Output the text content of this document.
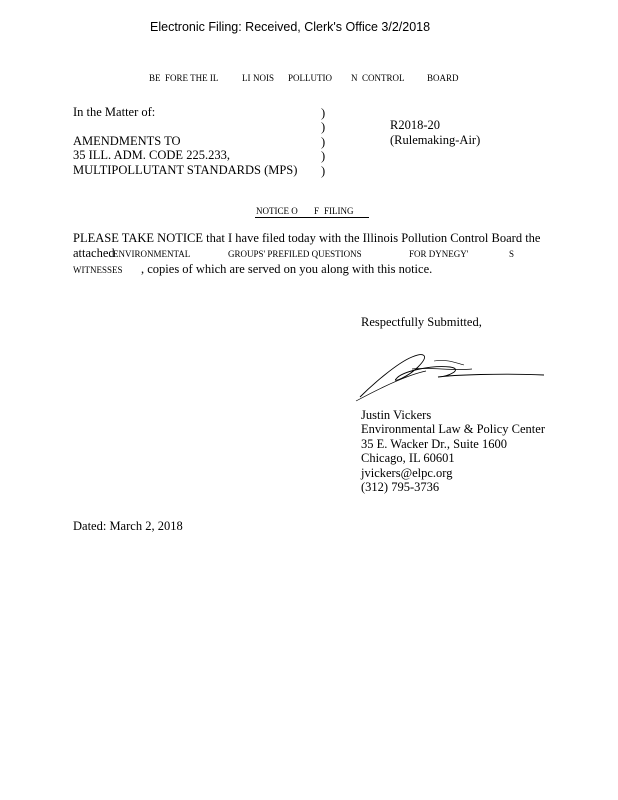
Electronic Filing: Received, Clerk's Office 3/2/2018
BE FORE THE IL	LI NOIS POLLUTIO N CONTROL	BOARD
In the Matter of:
AMENDMENTS TO
35 ILL. ADM. CODE 225.233,
MULTIPOLLUTANT STANDARDS (MPS)
)
)
)
)
)
R2018-20
(Rulemaking-Air)
NOTICE O F FILING
PLEASE TAKE NOTICE that I have filed today with the Illinois Pollution Control Board the
attached
ENVIRONMENTAL	GROUPS' PREFILED QUESTIONS	FOR DYNEGY'	S
WITNESSES , copies of which are served on you along with this notice.
Respectfully Submitted,
Justin Vickers
Environmental Law & Policy Center
35 E. Wacker Dr., Suite 1600
Chicago, IL 60601
jvickers@elpc.org
(312) 795-3736
Dated: March 2, 2018
